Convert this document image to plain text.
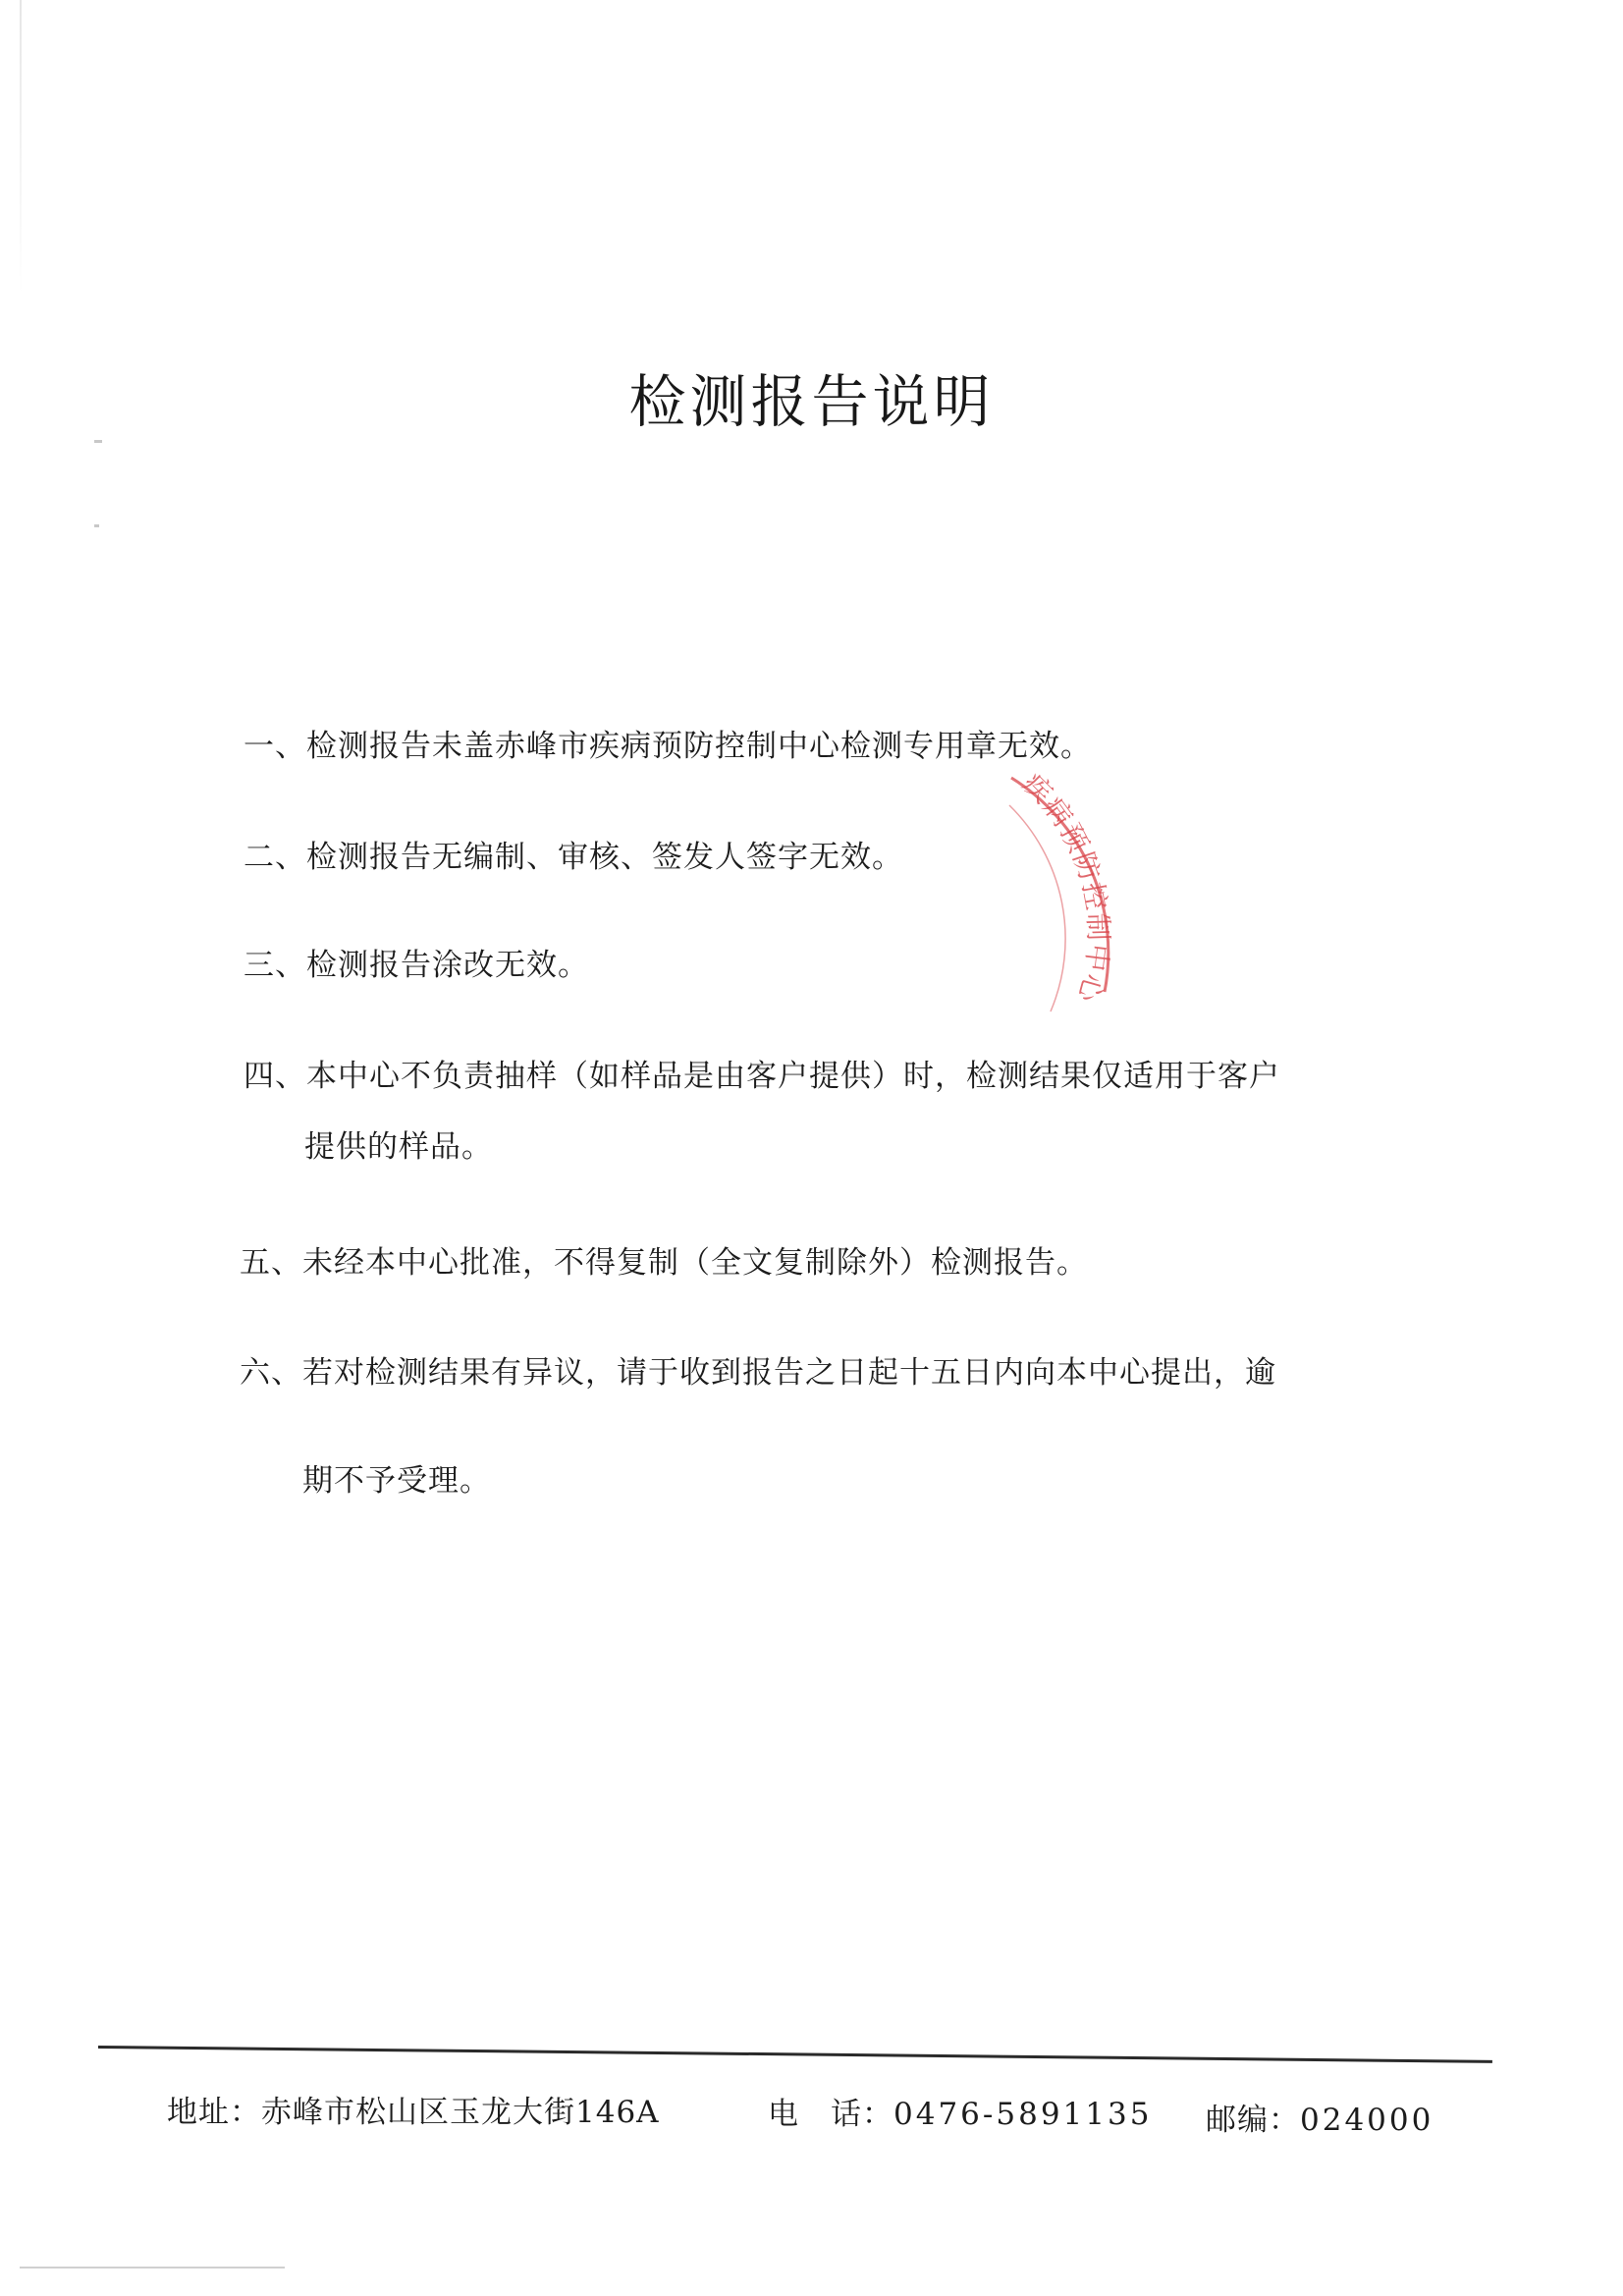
检测报告说明
一、检测报告未盖赤峰市疾病预防控制中心检测专用章无效。
二、检测报告无编制、审核、签发人签字无效。
三、检测报告涂改无效。
四、本中心不负责抽样（如样品是由客户提供）时，检测结果仅适用于客户
提供的样品。
五、未经本中心批准，不得复制（全文复制除外）检测报告。
六、若对检测结果有异议，请于收到报告之日起十五日内向本中心提出，逾
期不予受理。
疾病预防控制中心
地址：赤峰市松山区玉龙大街146A	电　话：0476-5891135 邮编：024000
